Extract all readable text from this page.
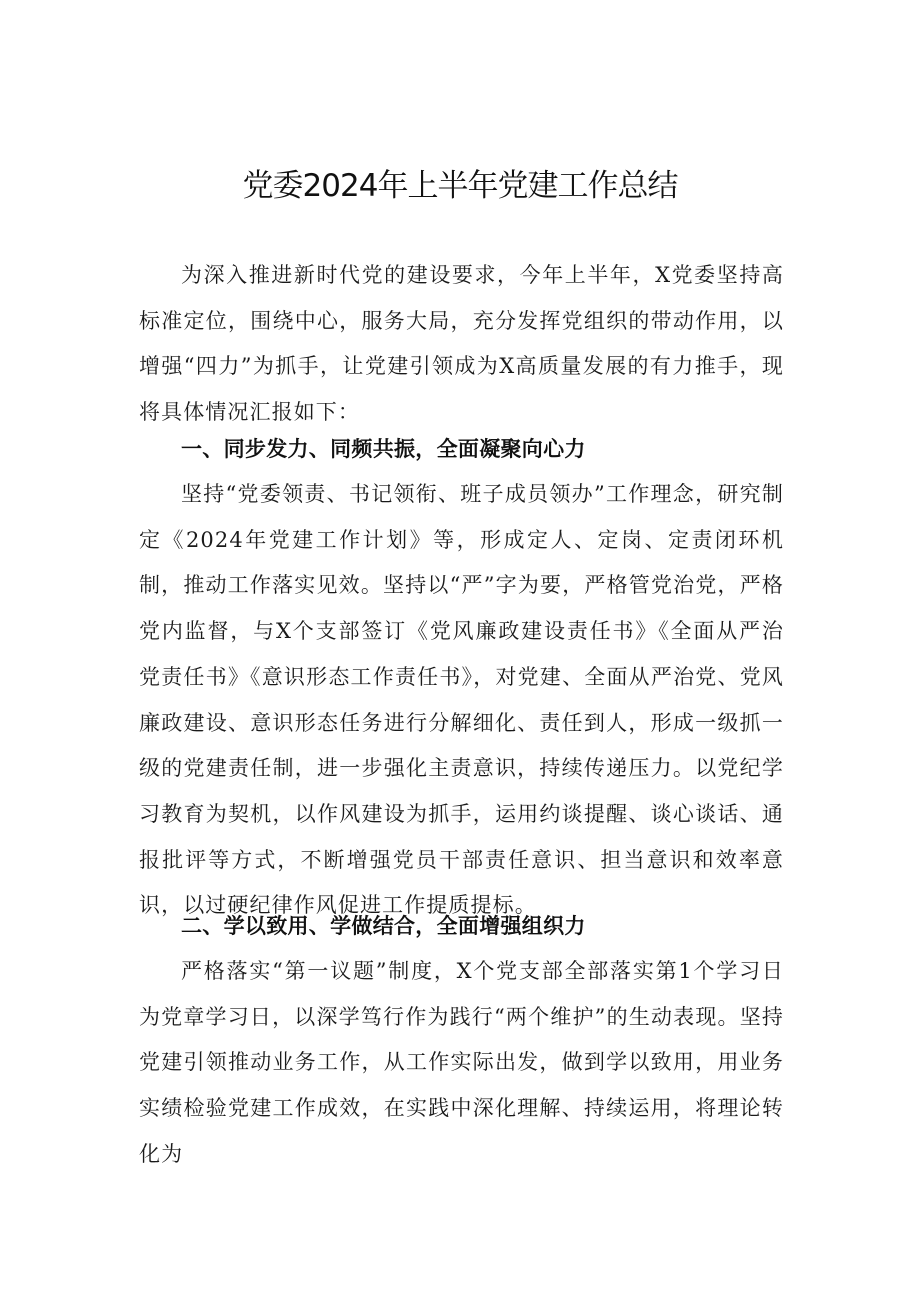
党委2024年上半年党建工作总结

为深入推进新时代党的建设要求，今年上半年，X党委坚持高标准定位，围绕中心，服务大局，充分发挥党组织的带动作用，以增强“四力”为抓手，让党建引领成为X高质量发展的有力推手，现将具体情况汇报如下：

一、同步发力、同频共振，全面凝聚向心力

坚持“党委领责、书记领衔、班子成员领办”工作理念，研究制定《2024年党建工作计划》等，形成定人、定岗、定责闭环机制，推动工作落实见效。坚持以“严”字为要，严格管党治党，严格党内监督，与X个支部签订《党风廉政建设责任书》《全面从严治党责任书》《意识形态工作责任书》，对党建、全面从严治党、党风廉政建设、意识形态任务进行分解细化、责任到人，形成一级抓一级的党建责任制，进一步强化主责意识，持续传递压力。以党纪学习教育为契机，以作风建设为抓手，运用约谈提醒、谈心谈话、通报批评等方式，不断增强党员干部责任意识、担当意识和效率意识，以过硬纪律作风促进工作提质提标。

二、学以致用、学做结合，全面增强组织力

严格落实“第一议题”制度，X个党支部全部落实第1个学习日为党章学习日，以深学笃行作为践行“两个维护”的生动表现。坚持党建引领推动业务工作，从工作实际出发，做到学以致用，用业务实绩检验党建工作成效，在实践中深化理解、持续运用，将理论转化为
